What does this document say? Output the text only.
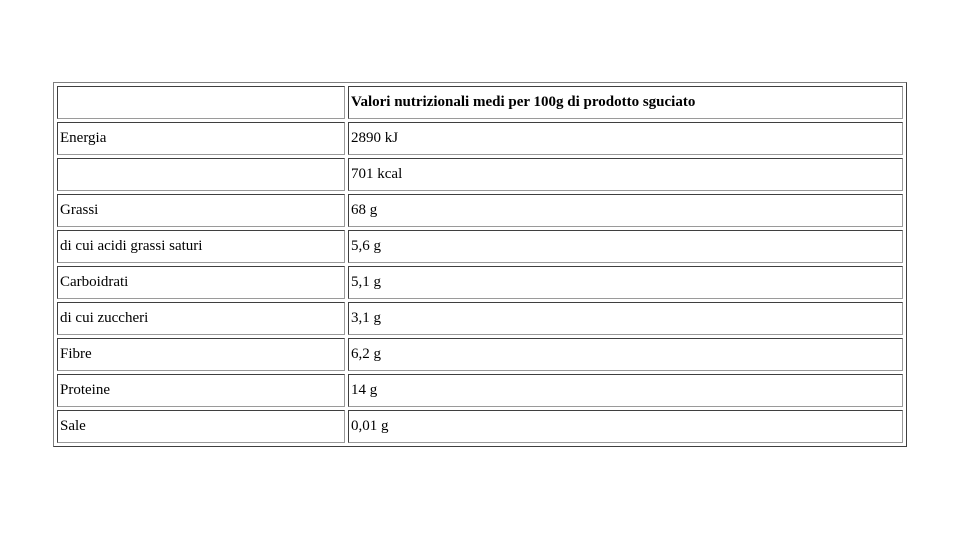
	Valori nutrizionali medi per 100g di prodotto sguciato
Energia	2890 kJ
	701 kcal
Grassi	68 g
di cui acidi grassi saturi	5,6 g
Carboidrati	5,1 g
di cui zuccheri	3,1 g
Fibre	6,2 g
Proteine	14 g
Sale	0,01 g
